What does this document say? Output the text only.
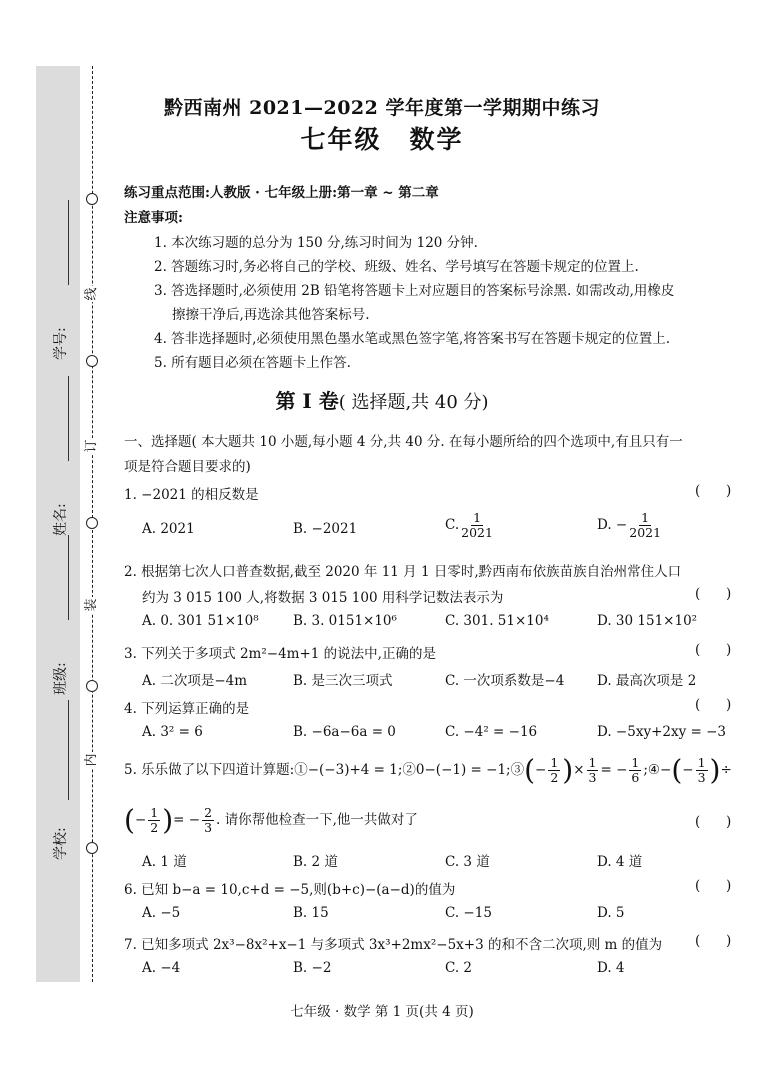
线
订
装
内
学号:
姓名:
班级:
学校:
黔西南州 2021—2022 学年度第一学期期中练习
七年级 数学
练习重点范围:人教版 · 七年级上册:第一章 ~ 第二章
注意事项:
1. 本次练习题的总分为 150 分,练习时间为 120 分钟.
2. 答题练习时,务必将自己的学校、班级、姓名、学号填写在答题卡规定的位置上.
3. 答选择题时,必须使用 2B 铅笔将答题卡上对应题目的答案标号涂黑. 如需改动,用橡皮
擦擦干净后,再选涂其他答案标号.
4. 答非选择题时,必须使用黑色墨水笔或黑色签字笔,将答案书写在答题卡规定的位置上.
5. 所有题目必须在答题卡上作答.
第 Ⅰ 卷( 选择题,共 40 分)
一、选择题( 本大题共 10 小题,每小题 4 分,共 40 分. 在每小题所给的四个选项中,有且只有一
项是符合题目要求的)
1. −2021 的相反数是	(      )
A. 2021	B. −2021	C. $\frac{1}{2021}$	D. − $\frac{1}{2021}$
2. 根据第七次人口普查数据,截至 2020 年 11 月 1 日零时,黔西南布依族苗族自治州常住人口
约为 3 015 100 人,将数据 3 015 100 用科学记数法表示为	(      )
A. 0. 301 51×10⁸	B. 3. 0151×10⁶	C. 301. 51×10⁴	D. 30 151×10²
3. 下列关于多项式 2m²−4m+1 的说法中,正确的是	(      )
A. 二次项是−4m	B. 是三次三项式	C. 一次项系数是−4 D. 最高次项是 2
4. 下列运算正确的是	(      )
A. 3² = 6	B. −6a−6a = 0	C. −4² = −16	D. −5xy+2xy = −3
5. 乐乐做了以下四道计算题:①−(−3)+4 = 1;②0−(−1) = −1;③(− $\frac{1}{2}$ )× $\frac{1}{3}$ = − $\frac{1}{6}$ ;④−(− $\frac{1}{3}$ )÷
(− $\frac{1}{2}$ )= − $\frac{2}{3}$ . 请你帮他检查一下,他一共做对了	(      )
A. 1 道	B. 2 道	C. 3 道	D. 4 道
6. 已知 b−a = 10,c+d = −5,则(b+c)−(a−d)的值为	(      )
A. −5	B. 15	C. −15	D. 5
7. 已知多项式 2x³−8x²+x−1 与多项式 3x³+2mx²−5x+3 的和不含二次项,则 m 的值为 (      )
A. −4	B. −2	C. 2	D. 4
七年级 · 数学 第 1 页(共 4 页)
